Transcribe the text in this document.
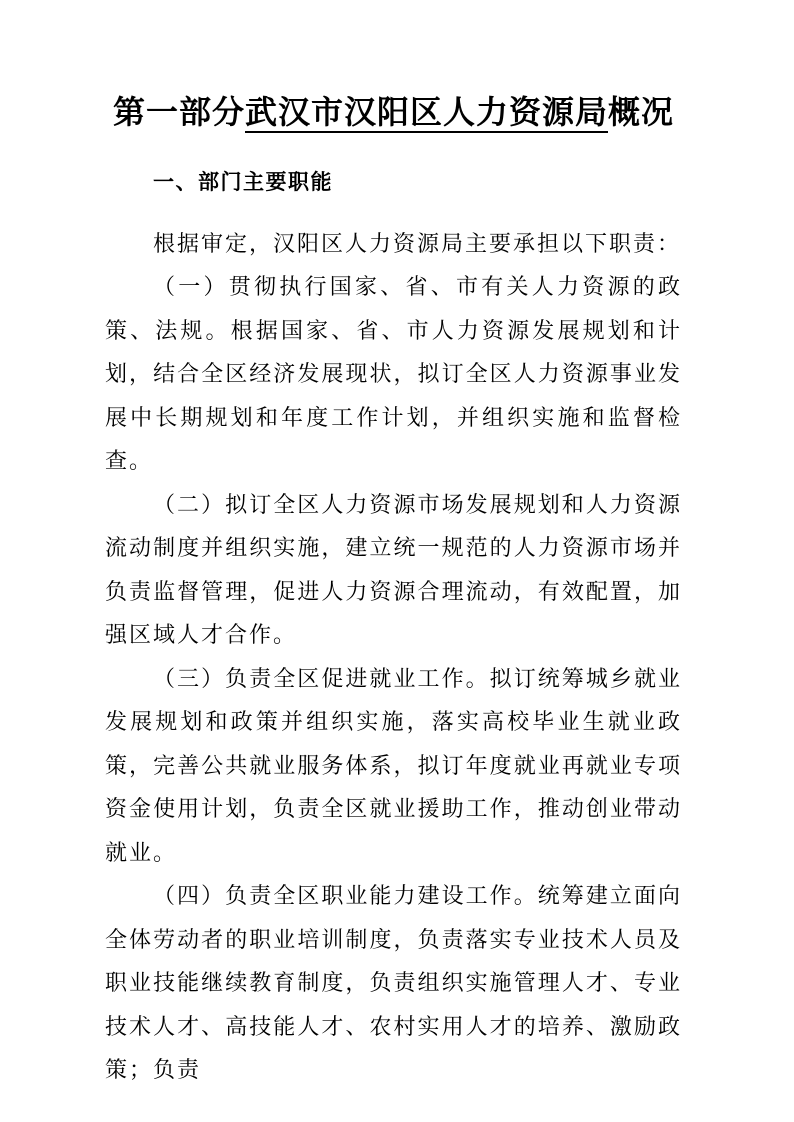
第一部分武汉市汉阳区人力资源局概况
一、部门主要职能

根据审定，汉阳区人力资源局主要承担以下职责：

（一）贯彻执行国家、省、市有关人力资源的政策、法规。根据国家、省、市人力资源发展规划和计划，结合全区经济发展现状，拟订全区人力资源事业发展中长期规划和年度工作计划，并组织实施和监督检查。

（二）拟订全区人力资源市场发展规划和人力资源流动制度并组织实施，建立统一规范的人力资源市场并负责监督管理，促进人力资源合理流动，有效配置，加强区域人才合作。

（三）负责全区促进就业工作。拟订统筹城乡就业发展规划和政策并组织实施，落实高校毕业生就业政策，完善公共就业服务体系，拟订年度就业再就业专项资金使用计划，负责全区就业援助工作，推动创业带动就业。

（四）负责全区职业能力建设工作。统筹建立面向全体劳动者的职业培训制度，负责落实专业技术人员及职业技能继续教育制度，负责组织实施管理人才、专业技术人才、高技能人才、农村实用人才的培养、激励政策；负责
